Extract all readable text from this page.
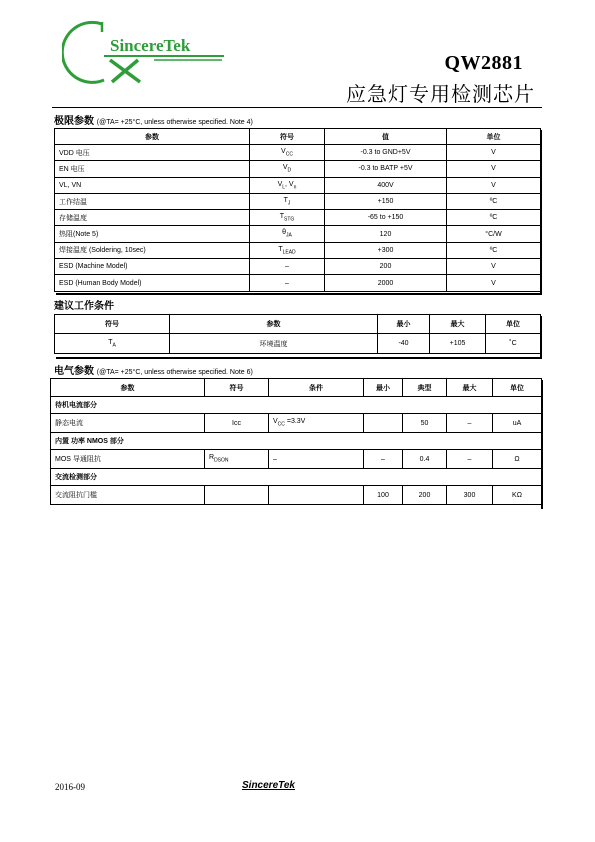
SincereTek
QW2881
应急灯专用检测芯片
极限参数 (@TA= +25°C, unless otherwise specified. Note 4)
参数	符号	值	单位
VDD 电压	$V_{CC}$	-0.3 to GND+5V	V
EN 电压	$V_D$	-0.3 to BATP +5V	V
VL, VN	$V_L$, $V_n$	400V	V
工作结温	$T_J$	+150	ºC
存储温度	$T_{STG}$	-65 to +150	ºC
热阻(Note 5)	$\theta_{JA}$	120	°C/W
焊接温度 (Soldering, 10sec)	$T_{LEAD}$	+300	ºC
ESD (Machine Model)	–	200	V
ESD (Human Body Model)	–	2000	V
建议工作条件
符号	参数	最小	最大	单位
$T_A$	环境温度	-40	+105	˚C
电气参数 (@TA= +25°C, unless otherwise specified. Note 6)
参数	符号	条件	最小	典型	最大	单位
待机电流部分						
静态电流	Icc	$V_{CC} =3.3V$		50	–	uA
内置 功率 NMOS 部分						
MOS 导通阻抗	$R_{DSON}$	–	–	0.4	–	Ω
交流检测部分						
交流阻抗门槛			100	200	300	KΩ
2016-09	SincereTek
